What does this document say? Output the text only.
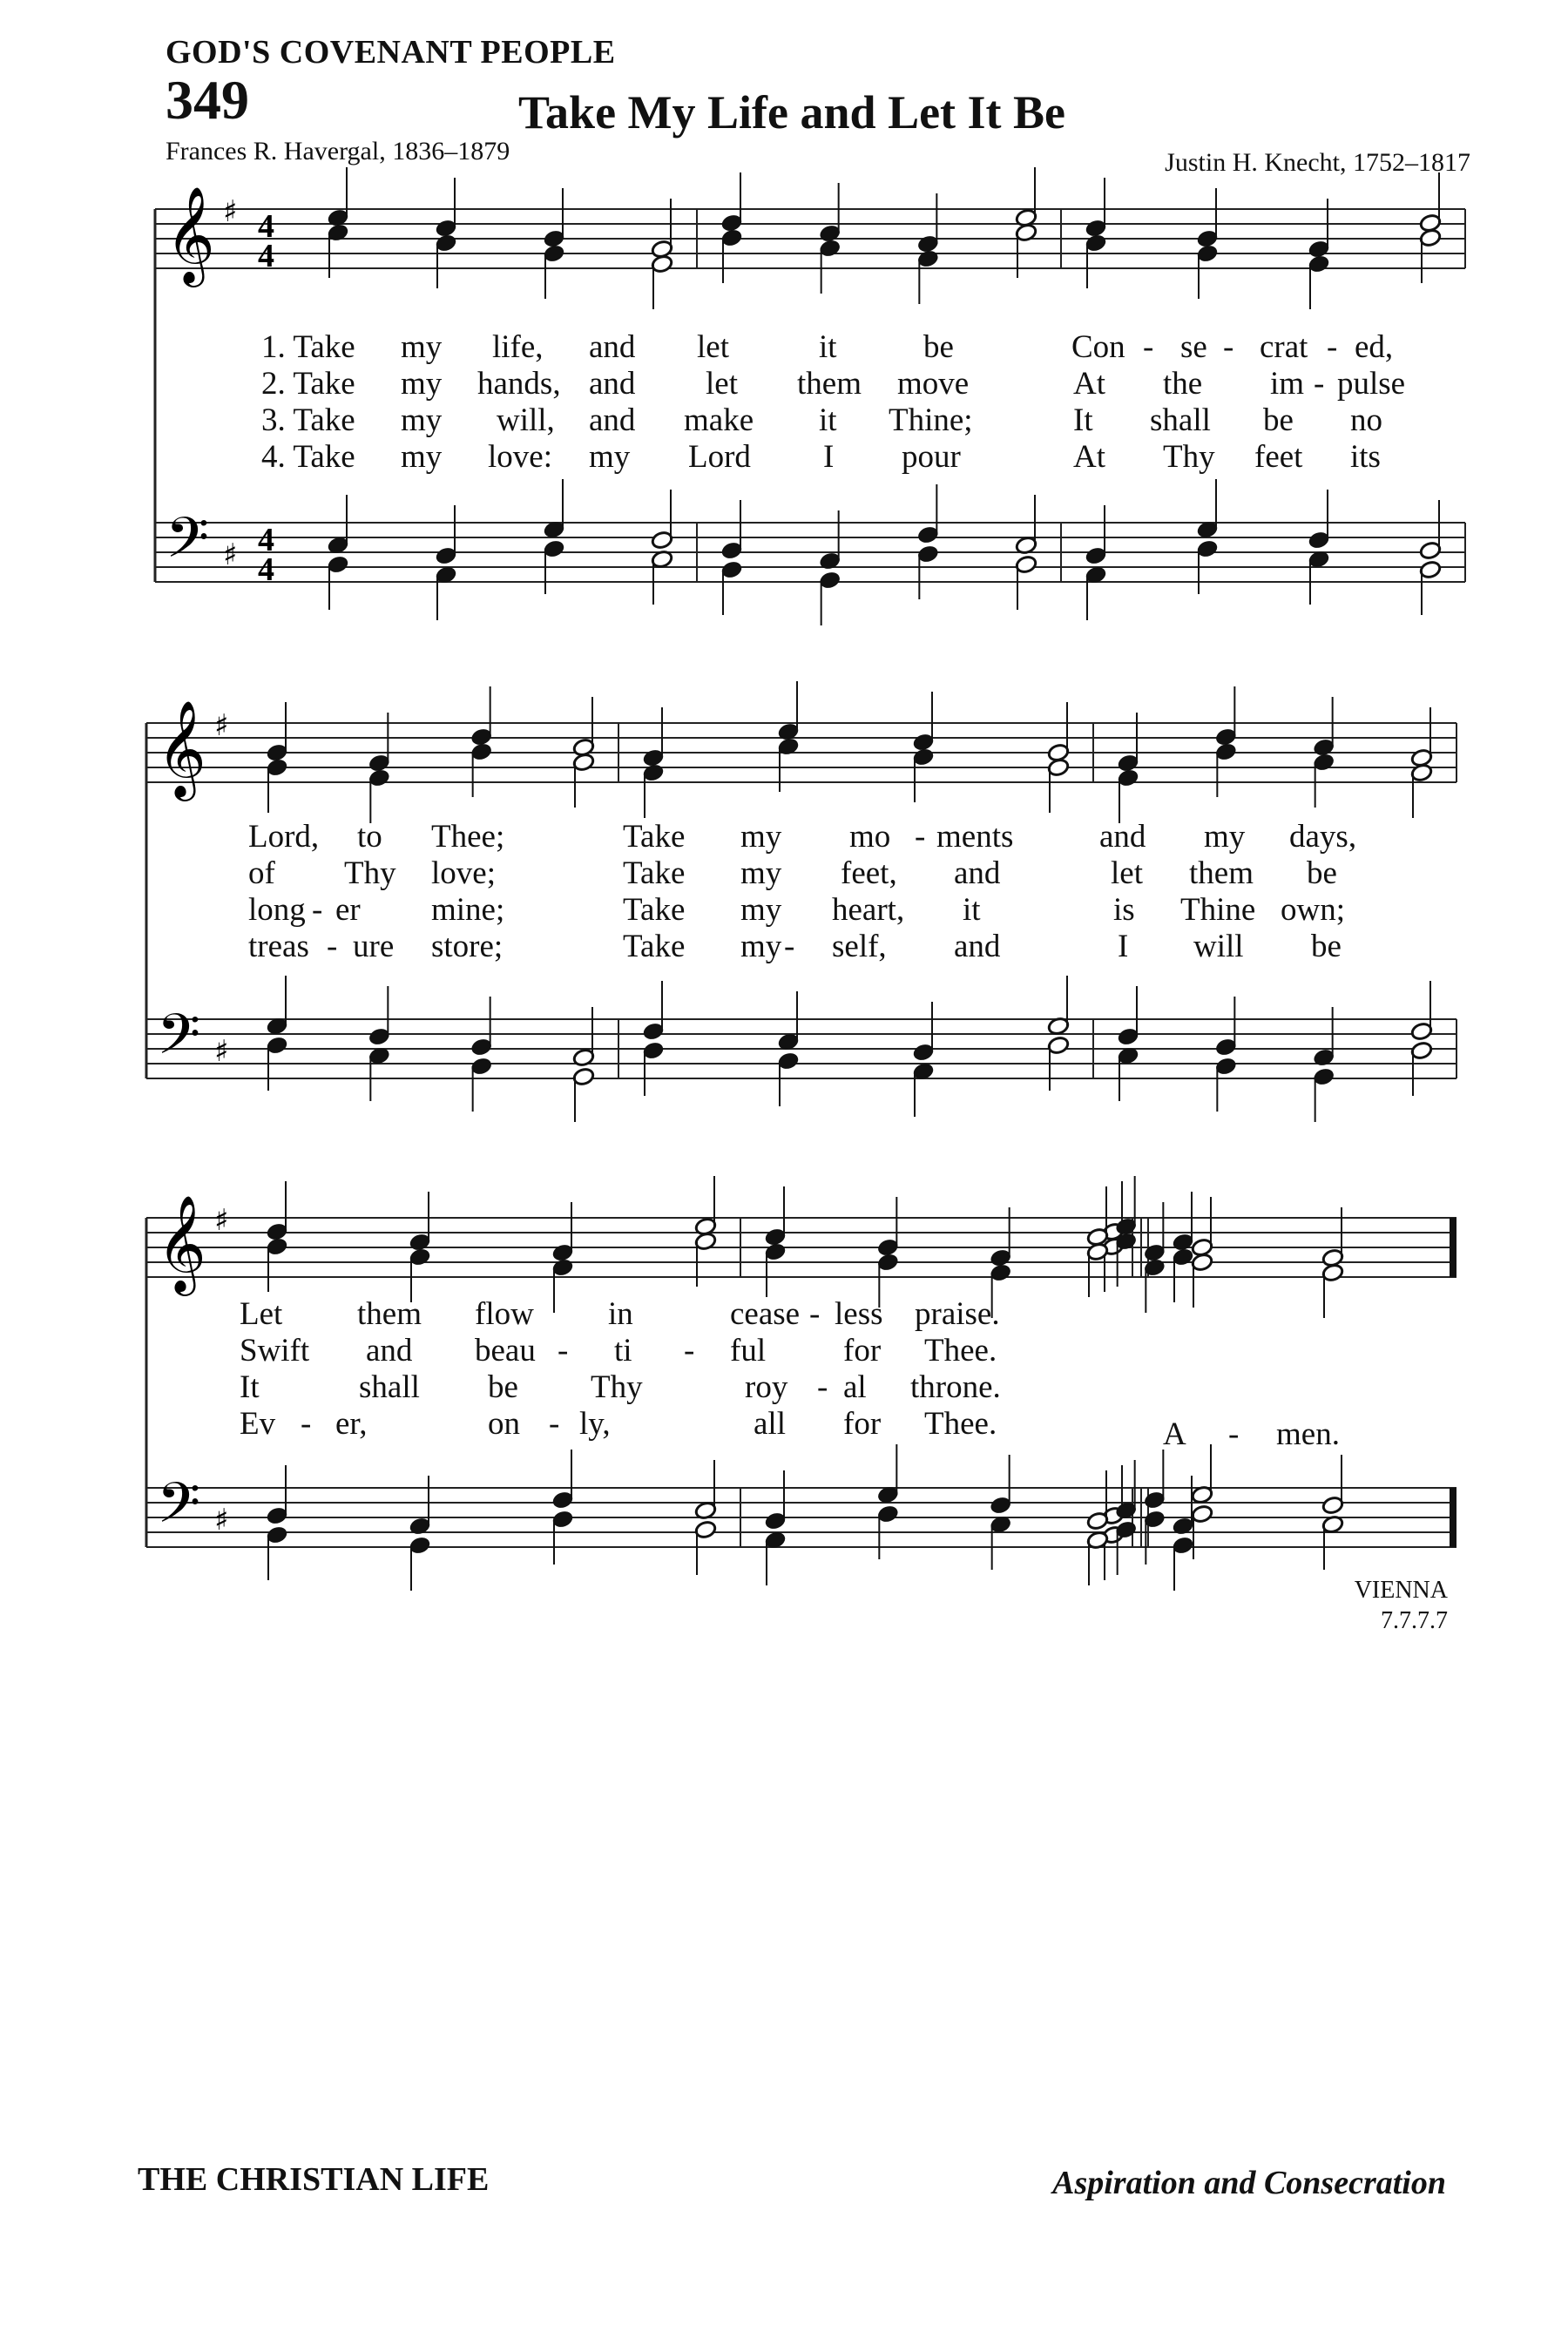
GOD'S COVENANT PEOPLE
349	Take My Life and Let It Be
Frances R. Havergal, 1836–1879	Justin H. Knecht, 1752–1817
𝄞
𝄢
♯
♯
4
4
4
4
𝄞
𝄢
♯
♯
𝄞
𝄢
♯
♯
1. Take my life, and let	it	be	Con - se - crat - ed,
2. Take my hands, and let them move	At the im - pulse
3. Take my will, and make it Thine;	It shall be no
4. Take my love: my Lord I pour	At Thy feet its
Lord, to Thee;	Take my mo - ments	and my days,
of Thy love;	Take my feet, and	let them be
long - er mine;	Take my heart, it	is Thine own;
treas - ure store;	Take my - self, and	I will be
Let them flow in	cease - less praise.
Swift and beau - ti - ful for Thee.
It	shall be Thy	roy - al throne.
Ev - er,	on - ly,	all for Thee.	A - men.
VIENNA
7.7.7.7
THE CHRISTIAN LIFE	Aspiration and Consecration
